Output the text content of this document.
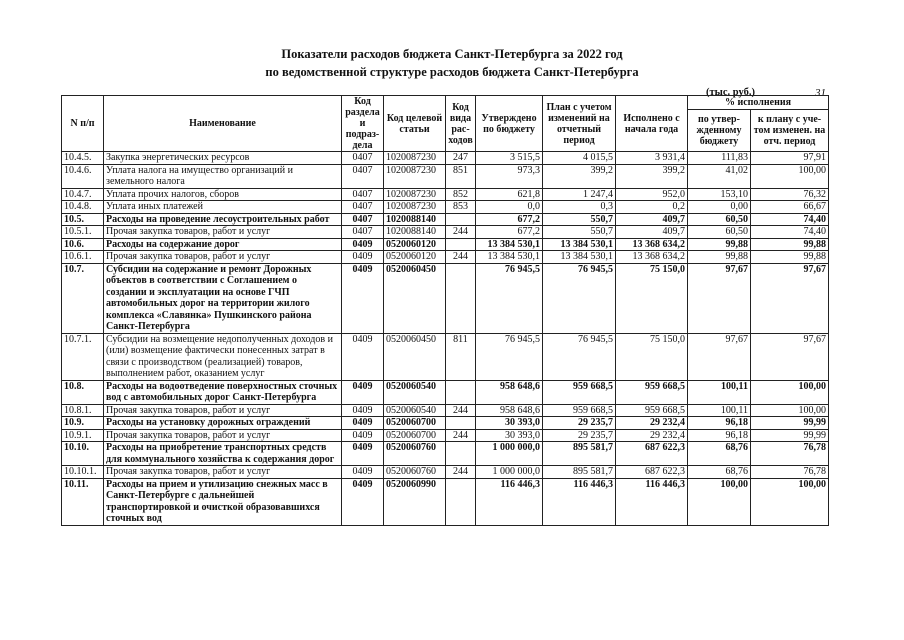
Показатели расходов бюджета Санкт-Петербурга за 2022 год
по ведомственной структуре расходов бюджета Санкт-Петербурга
(тыс. руб.)	31
N п/п	Наименование	Код раздела и подраз- дела	Код целевой статьи	Код вида рас- ходов	Утверждено по бюджету	План с учетом изменений на отчетный период	Исполнено с начала года	% исполнения	
								по утвер- жденному бюджету	к плану с уче- том изменен. на отч. период
10.4.5.	Закупка энергетических ресурсов	0407	1020087230	247	3 515,5	4 015,5	3 931,4	111,83	97,91
10.4.6.	Уплата налога на имущество организаций и земельного налога	0407	1020087230	851	973,3	399,2	399,2	41,02	100,00
10.4.7.	Уплата прочих налогов, сборов	0407	1020087230	852	621,8	1 247,4	952,0	153,10	76,32
10.4.8.	Уплата иных платежей	0407	1020087230	853	0,0	0,3	0,2	0,00	66,67
10.5.	Расходы на проведение лесоустроительных работ	0407	1020088140		677,2	550,7	409,7	60,50	74,40
10.5.1.	Прочая закупка товаров, работ и услуг	0407	1020088140	244	677,2	550,7	409,7	60,50	74,40
10.6.	Расходы на содержание дорог	0409	0520060120		13 384 530,1	13 384 530,1	13 368 634,2	99,88	99,88
10.6.1.	Прочая закупка товаров, работ и услуг	0409	0520060120	244	13 384 530,1	13 384 530,1	13 368 634,2	99,88	99,88
10.7.	Субсидии на содержание и ремонт Дорожных объектов в соответствии с Соглашением о создании и эксплуатации на основе ГЧП автомобильных дорог на территории жилого комплекса «Славянка» Пушкинского района Санкт-Петербурга	0409	0520060450		76 945,5	76 945,5	75 150,0	97,67	97,67
10.7.1.	Субсидии на возмещение недополученных доходов и (или) возмещение фактически понесенных затрат в связи с производством (реализацией) товаров, выполнением работ, оказанием услуг	0409	0520060450	811	76 945,5	76 945,5	75 150,0	97,67	97,67
10.8.	Расходы на водоотведение поверхностных сточных вод с автомобильных дорог Санкт-Петербурга	0409	0520060540		958 648,6	959 668,5	959 668,5	100,11	100,00
10.8.1.	Прочая закупка товаров, работ и услуг	0409	0520060540	244	958 648,6	959 668,5	959 668,5	100,11	100,00
10.9.	Расходы на установку дорожных ограждений	0409	0520060700		30 393,0	29 235,7	29 232,4	96,18	99,99
10.9.1.	Прочая закупка товаров, работ и услуг	0409	0520060700	244	30 393,0	29 235,7	29 232,4	96,18	99,99
10.10.	Расходы на приобретение транспортных средств для коммунального хозяйства к содержания дорог	0409	0520060760		1 000 000,0	895 581,7	687 622,3	68,76	76,78
10.10.1.	Прочая закупка товаров, работ и услуг	0409	0520060760	244	1 000 000,0	895 581,7	687 622,3	68,76	76,78
10.11.	Расходы на прием и утилизацию снежных масс в Санкт-Петербурге с дальнейшей транспортировкой и очисткой образовавшихся сточных вод	0409	0520060990		116 446,3	116 446,3	116 446,3	100,00	100,00
